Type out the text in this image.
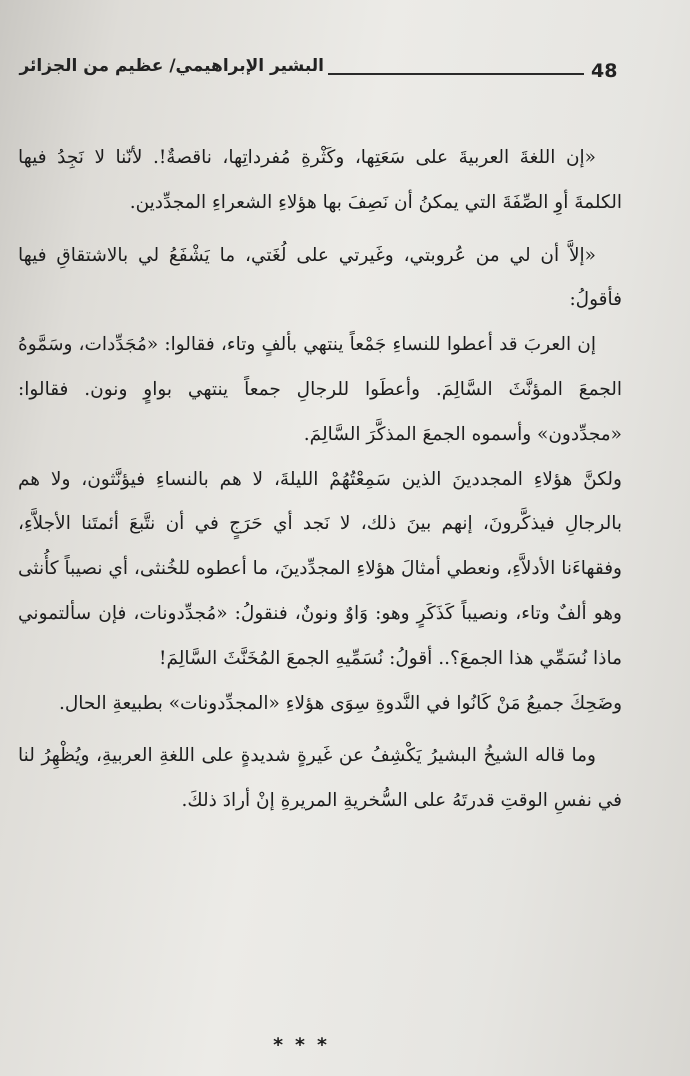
48
البشير الإبراهيمي/ عظيم من الجزائر

«إن اللغةَ العربيةَ على سَعَتِها، وكَثْرةِ مُفرداتِها، ناقصةٌ!. لأنّنا لا نَجِدُ فيها الكلمةَ أوِ الصِّفَةَ التي يمكنُ أن نَصِفَ بها هؤلاءِ الشعراءِ المجدِّدين.

«إلاَّ أن لي من عُروبتي، وغَيرتي على لُغَتي، ما يَشْفَعُ لي بالاشتقاقِ فيها فأقولُ:

إن العربَ قد أعطوا للنساءِ جَمْعاً ينتهي بألفٍ وتاء، فقالوا: «مُجَدِّدات، وسَمَّوهُ الجمعَ المؤنَّثَ السَّالِمَ. وأعطَوا للرجالِ جمعاً ينتهي بواوٍ ونون. فقالوا: «مجدِّدون» وأسموه الجمعَ المذكَّرَ السَّالِمَ.

ولكنَّ هؤلاءِ المجددينَ الذين سَمِعْتُهُمْ الليلةَ، لا هم بالنساءِ فيؤنَّثون، ولا هم بالرجالِ فيذكَّرونَ، إنهم بينَ ذلك، لا نَجد أي حَرَجٍ في أن نتَّبعَ أئمتَنا الأجلاَّءِ، وفقهاءَنا الأدلاَّءِ، ونعطي أمثالَ هؤلاءِ المجدِّدينَ، ما أعطوه للخُنثى، أي نصيباً كأُنثى وهو ألفٌ وتاء، ونصيباً كَذَكَرٍ وهو: وَاوٌ ونونٌ، فنقولُ: «مُجدِّدونات، فإن سألتموني ماذا نُسَمِّي هذا الجمعَ؟.. أقولُ: نُسَمِّيهِ الجمعَ المُخَنَّثَ السَّالِمَ!

وضَحِكَ جميعُ مَنْ كَانُوا في النَّدوةِ سِوَى هؤلاءِ «المجدِّدونات» بطبيعةِ الحال.

وما قاله الشيخُ البشيرُ يَكْشِفُ عن غَيرةٍ شديدةٍ على اللغةِ العربيةِ، ويُظْهِرُ لنا في نفسِ الوقتِ قدرتَهُ على السُّخريةِ المريرةِ إنْ أرادَ ذلكَ.

***
